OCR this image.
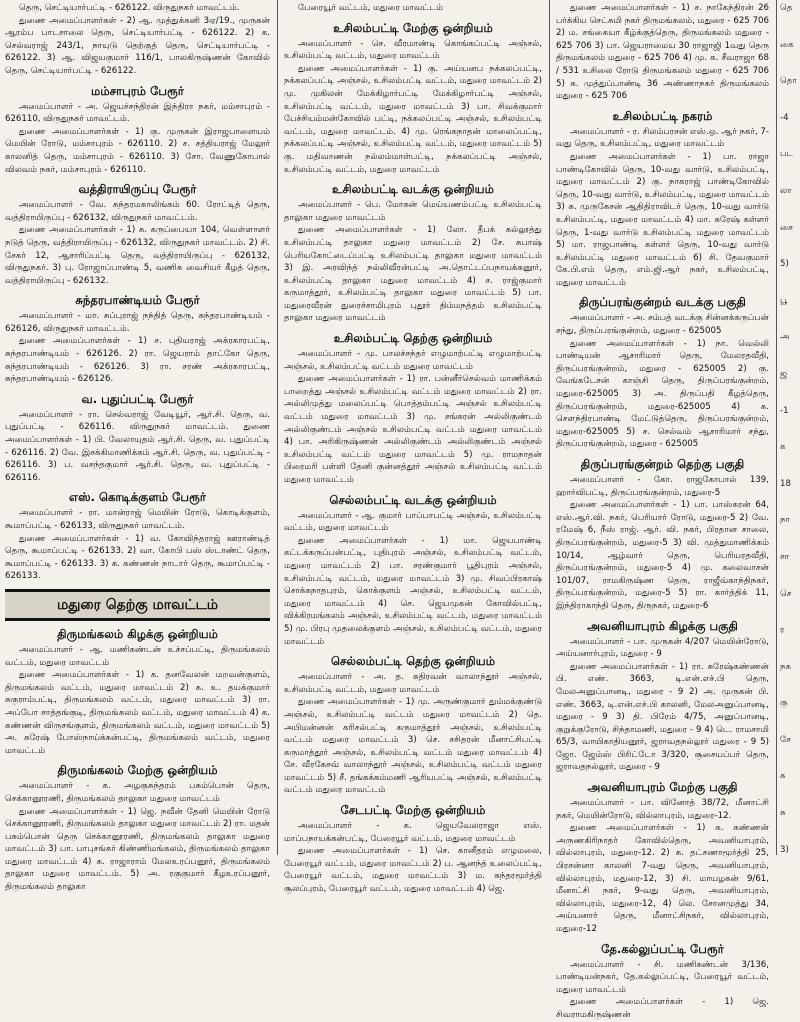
தெரு, செட்டியார்பட்டி - 626122. விருதுநகர் மாவட்டம்.

துணை அமைப்பாளர்கள் - 2) ஆ. முத்துக்கனி 3ஏ/19., முருகன் ஆரம்ப பாடசாலை தெரு, செட்டியார்பட்டி - 626122. 2) க. செல்வராஜ் 243/1, நாயுடு தெற்குத் தெரு, செட்டியார்பட்டி - 626122. 3) ஆ. விஜயகுமார் 116/1, பாலகிருஷ்ணன் கோவில் தெரு, செட்டியார்பட்டி - 626122.

மம்சாபுரம் பேரூர்

அமைப்பாளர் - அ. ஜெயச்சந்திரன் இந்திரா நகர், மம்சாபுரம் - 626110, விருதுநகர் மாவட்டம்.

துணை அமைப்பாளர்கள் - 1) கு. முருகன் இராஜபாளையம் மெயின் ரோடு, மம்சாபுரம் - 626110. 2) ச. சத்தியராஜ் மேலூர் காலனித் தெரு, மம்சாபுரம் - 626110. 3) சோ. வேணுகோபால் விலவம் நகர், மம்சாபுரம் - 626110.

வத்திராயிருப்பு பேரூர்

அமைப்பாளர் - வே. சுந்தரமகாலிங்கம் 60. ரோட்டித் தெரு, வத்திராயிருப்பு - 626132, விருதுநகர் மாவட்டம்.

துணை அமைப்பாளர்கள் - 1) சு. கருப்பையா 104, வெள்ளாளர் நடுத் தெரு, வத்திராயிருப்பு - 626132, விருதுநகர் மாவட்டம். 2) சி. சேகர் 12, ஆசாரிப்பட்டி தெரு, வத்திராயிருப்பு - 626132, விருதுநகர். 3) பு. ரோஜாப்பாண்டி 5, வணிக வைசியர் கீழத் தெரு, வத்திராயிருப்பு - 626132.

சுந்தரபாண்டியம் பேரூர்

அமைப்பாளர் - மா. சுப்புராஜ் நந்தித் தெரு, சுந்தரபாண்டியம் - 626126, விருதுநகர் மாவட்டம்.

துணை அமைப்பாளர்கள் - 1) ச. புதியராஜ் அக்ரகாரபட்டி, சுந்தரபாண்டியம் - 626126. 2) ரா. ஜெயராம் தாட்கோ தெரு, சுந்தரபாண்டியம் - 626126. 3) ரா. சரண் அக்ரகாரபட்டி, சுந்தரபாண்டியம் - 626126.

வ. புதுப்பட்டி பேரூர்

அமைப்பாளர் - ரா. செல்வராஜ் வேடியூர், ஆர்.சி. தெரு, வ. புதுப்பட்டி - 626116. விருதுநகர் மாவட்டம். துணை அமைப்பாளர்கள் - 1) பி. வேலாயுதம் ஆர்.சி. தெரு, வ. புதுப்பட்டி - 626116. 2) வே. இசக்கிமாணிக்கம் ஆர்.சி. தெரு, வ. புதுப்பட்டி - 626116. 3) ப. வசந்தகுமார் ஆர்.சி. தெரு, வ. புதுப்பட்டி - 626116.

எஸ். கொடிக்குளம் பேரூர்

அமைப்பாளர் - ரா. மான்ராஜ் மெயின் ரோடு, கொடிக்குளம், கூமாப்பட்டி - 626133, விருதுநகர் மாவட்டம்.

துணை அமைப்பாளர்கள் - 1) வ. கோவிந்தராஜ் ஊராண்டித் தெரு, கூமாப்பட்டி - 626133. 2) வா. கோபி பஸ் ஸ்டாண்ட் தெரு, கூமாப்பட்டி - 626133. 3) க. கண்ணன் நாடார் தெரு, கூமாப்பட்டி - 626133.

மதுரை தெற்கு மாவட்டம்
திருமங்கலம் கிழக்கு ஒன்றியம்

அமைப்பாளர் - ஆ. மணிகண்டன் உச்சப்பட்டி, திருமங்கலம் வட்டம், மதுரை மாவட்டம்

துணை அமைப்பாளர்கள் - 1) க. தனவேலன் மறவன்குளம், திருமங்கலம் வட்டம், மதுரை மாவட்டம் 2) க. உ. தயக்குமார் சுகுராம்பட்டி, திருமங்கலம் வட்டம், மதுரை மாவட்டம் 3) ரா. அப்போ சாத்தங்குடி, திருமங்கலம் வட்டம், மதுரை மாவட்டம் 4) க. கண்ணன் விருசங்குளம், திருமங்கலம் வட்டம், மதுரை மாவட்டம் 5) அ. சுரேஷ் போஸ்நாய்க்கன்பட்டி, திருமங்கலம் வட்டம், மதுரை மாவட்டம்

திருமங்கலம் மேற்கு ஒன்றியம்

அமைப்பாளர் - க. அழகுசுந்தரம் பசும்பொன் தெரு, செக்கானூரணி, திருமங்கலம் தாலுகா மதுரை மாவட்டம்

துணை அமைப்பாளர்கள் - 1) ஜெ. நவீன் தேனி மெயின் ரோடு செக்கானூரணி, திருமங்கலம் தாலுகா மதுரை மாவட்டம் 2) ரா. மதன் பசும்பொன் தெரு செக்கானூரணி, திருமங்கலம் தாலுகா மதுரை மாவட்டம் 3) பா. பாபுசங்கர் கிண்ணிமங்கலம், திருமங்கலம் தாலுகா மதுரை மாவட்டம் 4) க. ராஜாராம் மேலஉரப்பனூர், திருமங்கலம் தாலுகா மதுரை மாவட்டம். 5) அ. ரகுகுமார் கீழஉரப்பனூர், திருமங்கலம் தாலுகா

பேரையூர் வட்டம், மதுரை மாவட்டம்

உசிலம்பட்டி மேற்கு ஒன்றியம்

அமைப்பாளர் - செ. வீரமாண்டி கொங்கப்பட்டி அஞ்சல், உசிலம்பட்டி வட்டம், மதுரை மாவட்டம்

துணை அமைப்பாளர்கள் - 1) கு. அய்யனப நக்கலப்பட்டி, நக்கலப்பட்டி அஞ்சல், உசிலம்பட்டி வட்டம், மதுரை மாவட்டம் 2) மு. முகிலன் மேக்கிழார்பட்டி மேக்கிழார்பட்டி அஞ்சல், உசிலம்பட்டி வட்டம், மதுரை மாவட்டம் 3) பா. சிவக்குமார் பேச்சியம்மன்கோவில் பட்டி, நக்கலப்பட்டி அஞ்சல், உசிலம்பட்டி வட்டம், மதுரை மாவட்டம். 4) மு. ரெங்கநாதன் மாலைப்பட்டி, நக்கலப்பட்டி அஞ்சல், உசிலம்பட்டி வட்டம், மதுரை மாவட்டம் 5) கு. மதிவாணன் நல்லம்மாள்பட்டி, நக்கலப்பட்டி அஞ்சல், உசிலம்பட்டி வட்டம், மதுரை மாவட்டம்

உசிலம்பட்டி வடக்கு ஒன்றியம்

அமைப்பாளர் - பெ. மோகன் மெய்யணம்பட்டி உசிலம்பட்டி தாலுகா மதுரை மாவட்டம்

துணை அமைப்பாளர்கள் - 1) லோ. தீபக் கல்லூத்து உசிலம்பட்டி தாலுகா மதுரை மாவட்டம் 2) சே. சுபாஷ் பெரியகோட்டைப்பட்டி உசிலம்பட்டி தாலுகா மதுரை மாவட்டம் 3) இ. அரவிந்த் நல்லிவீரன்பட்டி அ.தொட்டப்பநாயக்கனூர், உசிலம்பட்டி தாலுகா மதுரை மாவட்டம் 4) ச. ராஜ்குமார் கருமாத்தூர், உசிலம்பட்டி தாலுகா மதுரை மாவட்டம் 5) பா. மதுரைவீரன் துரைச்சாமிபுரம் புதூர் திம்மநத்தம் உசிலம்பட்டி தாலுகா மதுரை மாவட்டம்

உசிலம்பட்டி தெற்கு ஒன்றியம்

அமைப்பாளர் - மு. பாலச்சந்தர் எழுமாற்பட்டி எழுமாற்பட்டி அஞ்சல், உசிலம்பட்டி வட்டம் மதுரை மாவட்டம்

துணை அமைப்பாளர்கள் - 1) ரா. பன்னீர்செல்வம் மாணிக்கம் பாறைத்து அஞ்சல் உசிலம்பட்டி வட்டம் மதுரை மாவட்டம் 2) ரா. அல்லிமுத்து மலைப்பட்டி பொத்தம்பட்டி அஞ்சல் உசிலம்பட்டி வட்டம் மதுரை மாவட்டம் 3) மு. சங்கரன் அல்லிகுண்டம் அல்லிகுண்டம் அஞ்சல் உசிலம்பட்டி வட்டம் மதுரை மாவட்டம் 4) பா. அரிகிருஷ்ணன் அல்லிகுண்டம் அல்லிகுண்டம் அஞ்சல் உசிலம்பட்டி வட்டம் மதுரை மாவட்டம் 5) மு. ராமநாதன் பிரைமரி பள்ளி தேனி குன்னத்தூர் அஞ்சல் உசிலம்பட்டி வட்டம் மதுரை மாவட்டம்

செல்லம்பட்டி வடக்கு ஒன்றியம்

அமைப்பாளர் - ஆ. குமார் பாப்பாபட்டி அஞ்சல், உசிலம்பட்டி வட்டம், மதுரை மாவட்டம்

துணை அமைப்பாளர்கள் - 1) மா. ஜெயபாண்டி கட்டக்கருப்பன்பட்டி, புதிபுரம் அஞ்சல், உசிலம்பட்டி வட்டம், மதுரை மாவட்டம் 2) பா. சரண்குமார் பூதிபுரம் அஞ்சல், உசிலம்பட்டி வட்டம், மதுரை மாவட்டம் 3) மு. சிவப்பிரகாஷ் சொக்கநாதபுரம், கொக்குளம் அஞ்சல், உசிலம்பட்டி வட்டம், மதுரை மாவட்டம் 4) செ. ஜெயமுகன் கோவில்பட்டி, விக்கிரமங்கலம் அஞ்சல், உசிலம்பட்டி வட்டம், மதுரை மாவட்டம் 5) மு. பிரபு முதலைக்குளம் அஞ்சல், உசிலம்பட்டி வட்டம், மதுரை மாவட்டம்

செல்லம்பட்டி தெற்கு ஒன்றியம்

அமைப்பாளர் - அ. த. கதிரவன் வாலாந்தூர் அஞ்சல், உசிலம்பட்டி வட்டம், மதுரை மாவட்டம்

துணை அமைப்பாளர்கள் - 1) மு. அருண்குமார் தும்மக்குண்டு அஞ்சல், உசிலம்பட்டி வட்டம் மதுரை மாவட்டம் 2) தெ. அபிமன்னன் கரிசல்பட்டி கருமாத்தூர் அஞ்சல், உசிலம்பட்டி வட்டம் மதுரை மாவட்டம் 3) செ. சசிதரன் மீனாட்சிபட்டி கருமாத்தூர் அஞ்சல், உசிலம்பட்டி வட்டம் மதுரை மாவட்டம் 4) சே. வீரகேசவ் வாலாந்தூர் அஞ்சல், உசிலம்பட்டி வட்டம் மதுரை மாவட்டம் 5) சீ. தங்கக்கம்மணி ஆரியபட்டி அஞ்சல், உசிலம்பட்டி வட்டம் மதுரை மாவட்டம்

சேடபட்டி மேற்கு ஒன்றியம்

அமைப்பாளர் - க. ஜெயவேலராஜா எஸ். மாப்பநாயக்கன்பட்டி, பேரையூர் வட்டம், மதுரை மாவட்டம்

துணை அமைப்பாளர்கள் - 1) செ. கானீதரம் எழுமலை, பேரையூர் வட்டம், மதுரை மாவட்டம் 2) ப. ஆனந்த் உலைப்பட்டி, பேரையூர் வட்டம், மதுரை மாவட்டம் 3) ம. சுந்தரமூர்த்தி சூலப்புரம், பேரையூர் வட்டம், மதுரை மாவட்டம் 4) ஜெ.

துணை அமைப்பாளர்கள் - 1) ச. நாகேந்திரன் 26 பர்க்கிய செட்சுமி நகர் திருமங்கலம், மதுரை - 625 706 2) ம. சங்கையா கீழ்க்குத்தெரு, திருமங்கலம் மதுரை - 625 706 3) பா. ஜெயராமைய 30 ராஜாஜி 1வது தெரு திருமங்கலம் மதுரை - 625 706 4) மு. க. சீவராஜா 68 / 531 உசிலை ரோடு திருமங்கலம் மதுரை - 625 706 5) க. முத்துப்பாண்டி 36 அண்ணாநகர் திருமங்கலம் மதுரை - 625 706

உசிலம்பட்டி நகரம்

அமைப்பாளர் - ர. சிலம்பரசன் எஸ்.ஒ. ஆர் நகர், 7-வது தெரு, உசிலம்பட்டி, மதுரை மாவட்டம்

துணை அமைப்பாளர்கள் - 1) பா. ராஜா பாண்டிகோவில் தெரு, 10-வது வார்டு, உசிலம்பட்டி, மதுரை மாவட்டம் 2) கு. நாகராஜ் பாண்டிகோவில் தெரு, 10-வது வார்டு, உசிலம்பட்டி, மதுரை மாவட்டம் 3) சு. முருகேசன் ஆதிதிராவிடர் தெரு, 10-வது வார்டு உசிலம்பட்டி, மதுரை மாவட்டம் 4) மா. சுரேஷ் கள்ளர் தெரு, 1-வது வார்டு உசிலம்பட்டி மதுரை மாவட்டம் 5) மா. ராஜபாண்டி கள்ளர் தெரு, 10-வது வார்டு உசிலம்பட்டி மதுரை மாவட்டம் 6) சி. தேவகுமார் கே.பி.எம் தெரு, எம்.ஜி.ஆர் நகர், உசிலம்பட்டி, மதுரை மாவட்டம்

திருப்பரங்குன்றம் வடக்கு பகுதி

அமைப்பாளர் - அ. சம்பத் வடக்கு சின்னக்கருப்பன் சந்து, திருப்பரங்குன்றம், மதுரை - 625005

துணை அமைப்பாளர்கள் - 1) நா. வெல்லி பாண்டியன் ஆசாரிமார் தெரு, மேலரதவீதி, திருப்பரங்குன்றம், மதுரை - 625005 2) கு. வேங்கடேசன் காஞ்சி தெரு, திருப்பரங்குன்றம், மதுரை-625005 3) அ. திருப்பதி கீழத்தெரு, திருப்பரங்குன்றம், மதுரை-625005 4) க. சௌந்திரபாண்டி மேட்டுத்தெரு, திருப்பரங்குன்றம், மதுரை-625005 5) ச. செல்வம் ஆசாரிமார் சந்து, திருப்பரங்குன்றம், மதுரை - 625005

திருப்பரங்குன்றம் தெற்கு பகுதி

அமைப்பாளர் - கோ. ராஜகோபால் 139, ஹார்விபட்டி, திருப்பரங்குன்றம், மதுரை-5

துணை அமைப்பாளர்கள் - 1) பா. பாஸ்கரன் 64, எஸ்.ஆர்.வி. நகர், பெரியார் ரோடு, மதுரை-5 2) வே. ரமேஷ் 6, நீஸ் ராஜ். ஆர். வி. நகர், பிரதான சாலை, திருப்பரங்குன்றம், மதுரை-5 3) வி. முத்துமாணிக்கம் 10/14, ஆழ்வார் தெரு, பெரியரதவீதி, திருப்பரங்குன்றம், மதுரை-5 4) மு. கலைவாசன் 101/07, ராமகிருஷ்ண தெரு, ராஜீவ்காந்திநகர், திருப்பரங்குன்றம், மதுரை-5 5) ரா. கார்த்திக் 11, இந்திராகாந்தி தெரு, திருநகர், மதுரை-6

அவனியாபுரம் கிழக்கு பகுதி

அமைப்பாளர் - பா. முருகன் 4/207 மெயின்ரோடு, அய்யனார்புரம், மதுரை - 9

துணை அமைப்பாளர்கள் - 1) ரா. சுரேஷ்கண்ணன் பி. எண். 3663, டி.என்.எச்.பி தெரு, மேலஅனுப்பானடி, மதுரை - 9 2) அ. முருகன் பி. எண். 3663, டி.என்.எச்.பி காலனி, மேலஅனுப்பானடி, மதுரை - 9 3) தி. பிரேம் 4/75, அனுப்பானடி, குறுக்குரோடு, சிந்தாமணி, மதுரை - 9 4) டெ. ராமசாமி 65/3, வாயிகாதியனூர், ஜராவதநல்லூர் மதுரை - 9 5) ஜோ. ஜேம்ஸ் பிரிட்டோ 3/320, சூசையப்பர் தெரு, ஜராவதநல்லூர், மதுரை - 9

அவனியாபுரம் மேற்கு பகுதி

அமைப்பாளர் - பா. வினோத் 38/72, மீனாட்சி நகர், மெயின்ரோடு, வில்லாபுரம், மதுரை-12.

துணை அமைப்பாளர்கள் - 1) க. கண்ணன் அருணகிரிநாதர் கோவில்தெரு, அவனியாபுரம், வில்லாபுரம், மதுரை-12. 2) சு. தட்சணாமூர்த்தி 25, பிரசன்னா காலனி 7-வது தெரு, அவனியாபுரம், வில்லாபுரம், மதுரை-12, 3) சி. மாயழகன் 9/61, மீனாட்சி நகர், 9-வது தெரு, அவனியாபுரம், வில்லாபுரம், மதுரை-12, 4) லெ. சோனமுத்து 34, அய்யனார் தெரு, மீனாட்சிநகர், வில்லாபுரம், மதுரை-12

தே.கல்லுப்பட்டி பேரூர்

அமைப்பாளர் - சி. மணிகண்டன் 3/136, பாண்டியன்நகர், தே.கல்லுப்பட்டி, பேரையூர் வட்டம், மதுரை மாவட்டம்

துணை அமைப்பாளர்கள் - 1) ஜெ. சிவராமகிருஷ்ணன்

தெ
கை
தொ
-4
பட
லா
சை
5)
பூ
அ
ஜ
-1
க
18
நா
சா
செ
ர
நக
கு
சே
க
சு
3)
